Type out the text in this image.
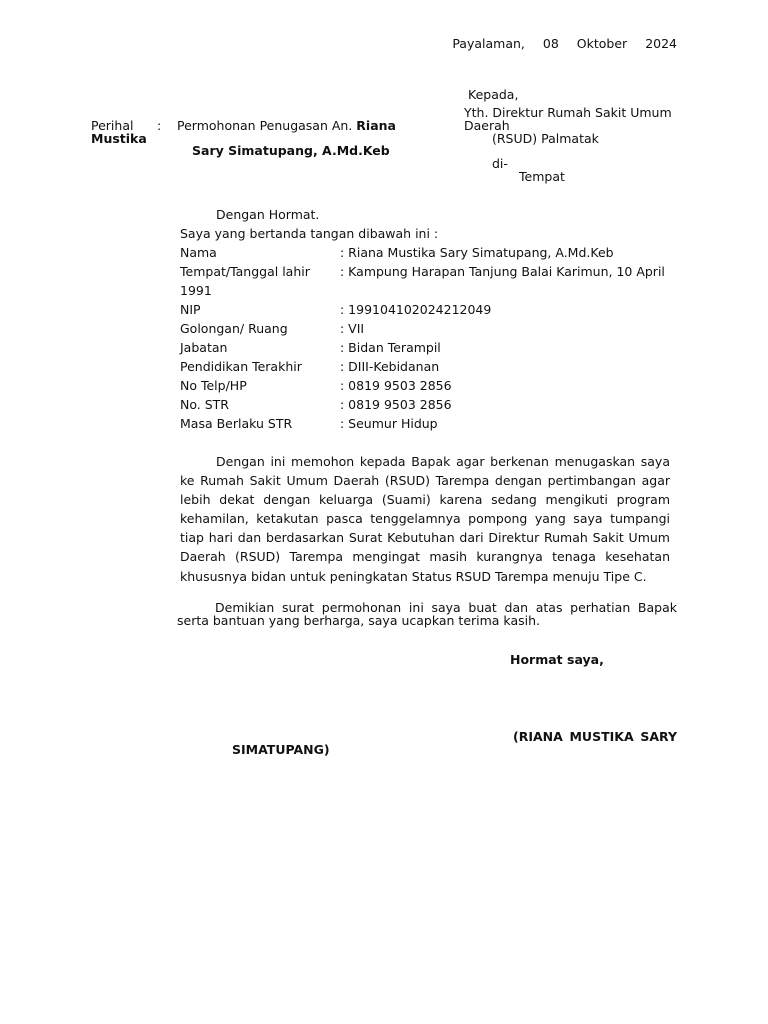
Payalaman, 08 Oktober 2024
Kepada,
Yth. Direktur Rumah Sakit Umum
Daerah
(RSUD) Palmatak
di-
Tempat
Perihal : Permohonan Penugasan An. Riana
Mustika
Sary Simatupang, A.Md.Keb
Dengan Hormat.
Saya yang bertanda tangan dibawah ini :
Nama	: Riana Mustika Sary Simatupang, A.Md.Keb
Tempat/Tanggal lahir : Kampung Harapan Tanjung Balai Karimun, 10 April
1991
NIP	: 199104102024212049
Golongan/ Ruang	: VII
Jabatan	: Bidan Terampil
Pendidikan Terakhir	: DIII-Kebidanan
No Telp/HP	: 0819 9503 2856
No. STR	: 0819 9503 2856
Masa Berlaku STR	: Seumur Hidup
Dengan ini memohon kepada Bapak agar berkenan menugaskan saya ke Rumah Sakit Umum Daerah (RSUD) Tarempa dengan pertimbangan agar lebih dekat dengan keluarga (Suami) karena sedang mengikuti program kehamilan, ketakutan pasca tenggelamnya pompong yang saya tumpangi tiap hari dan berdasarkan Surat Kebutuhan dari Direktur Rumah Sakit Umum Daerah (RSUD) Tarempa mengingat masih kurangnya tenaga kesehatan khususnya bidan untuk peningkatan Status RSUD Tarempa menuju Tipe C.
Demikian surat permohonan ini saya buat dan atas perhatian Bapak
serta bantuan yang berharga, saya ucapkan terima kasih.
Hormat saya,
(RIANA MUSTIKA SARY
SIMATUPANG)
